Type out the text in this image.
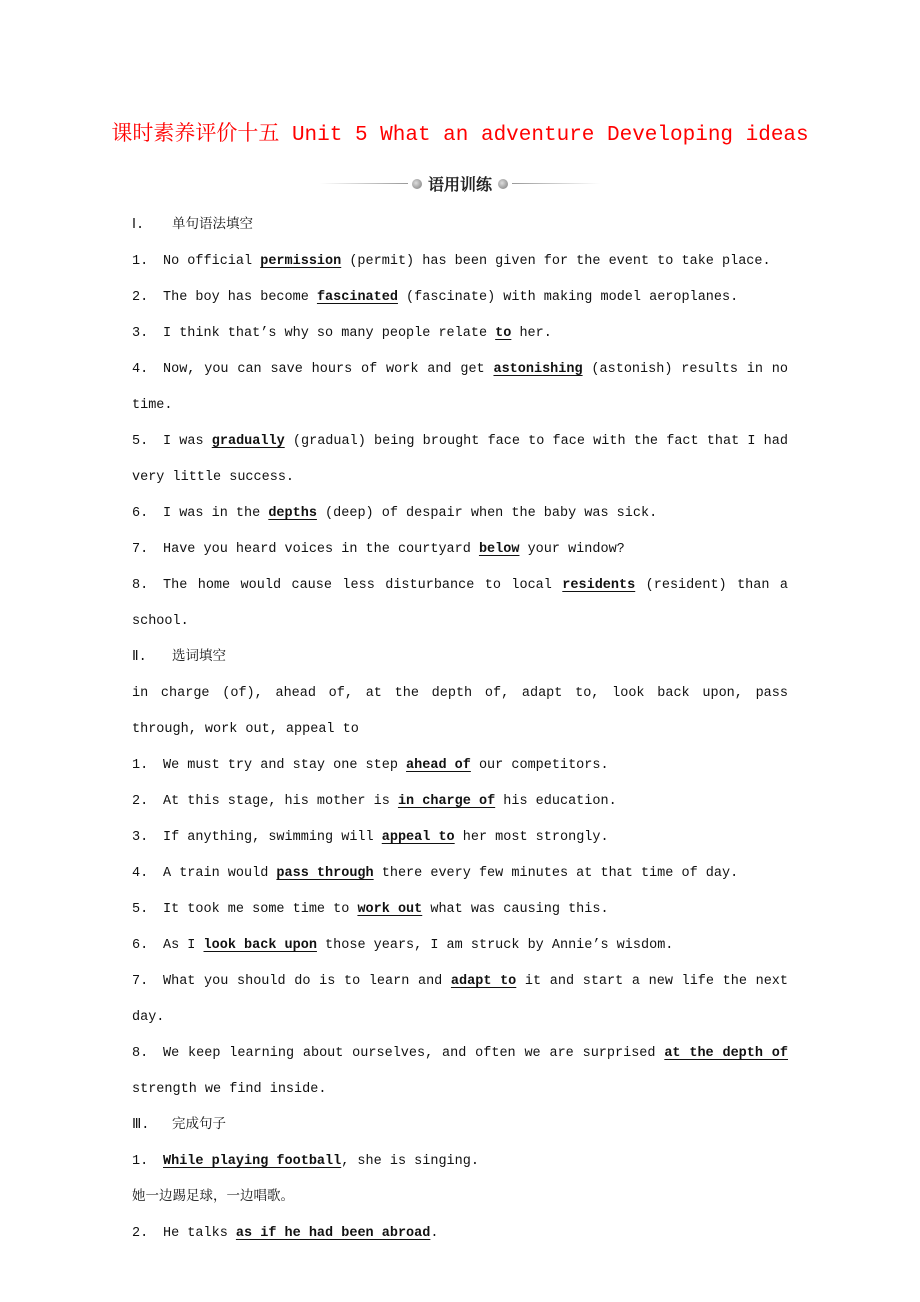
课时素养评价十五 Unit 5 What an adventure Developing ideas
语用训练
Ⅰ. 单句语法填空
1. No official permission (permit) has been given for the event to take place.
2. The boy has become fascinated (fascinate) with making model aeroplanes.
3. I think that’s why so many people relate to her.
4. Now, you can save hours of work and get astonishing (astonish) results in no time.
5. I was gradually (gradual) being brought face to face with the fact that I had very little success.
6. I was in the depths (deep) of despair when the baby was sick.
7. Have you heard voices in the courtyard below your window?
8. The home would cause less disturbance to local residents (resident) than a school.
Ⅱ. 选词填空
in charge (of), ahead of, at the depth of, adapt to, look back upon, pass through, work out, appeal to
1. We must try and stay one step ahead of our competitors.
2. At this stage, his mother is in charge of his education.
3. If anything, swimming will appeal to her most strongly.
4. A train would pass through there every few minutes at that time of day.
5. It took me some time to work out what was causing this.
6. As I look back upon those years, I am struck by Annie’s wisdom.
7. What you should do is to learn and adapt to it and start a new life the next day.
8. We keep learning about ourselves, and often we are surprised at the depth of strength we find inside.
Ⅲ. 完成句子
1. While playing football, she is singing.
她一边踢足球，一边唱歌。
2. He talks as if he had been abroad.
